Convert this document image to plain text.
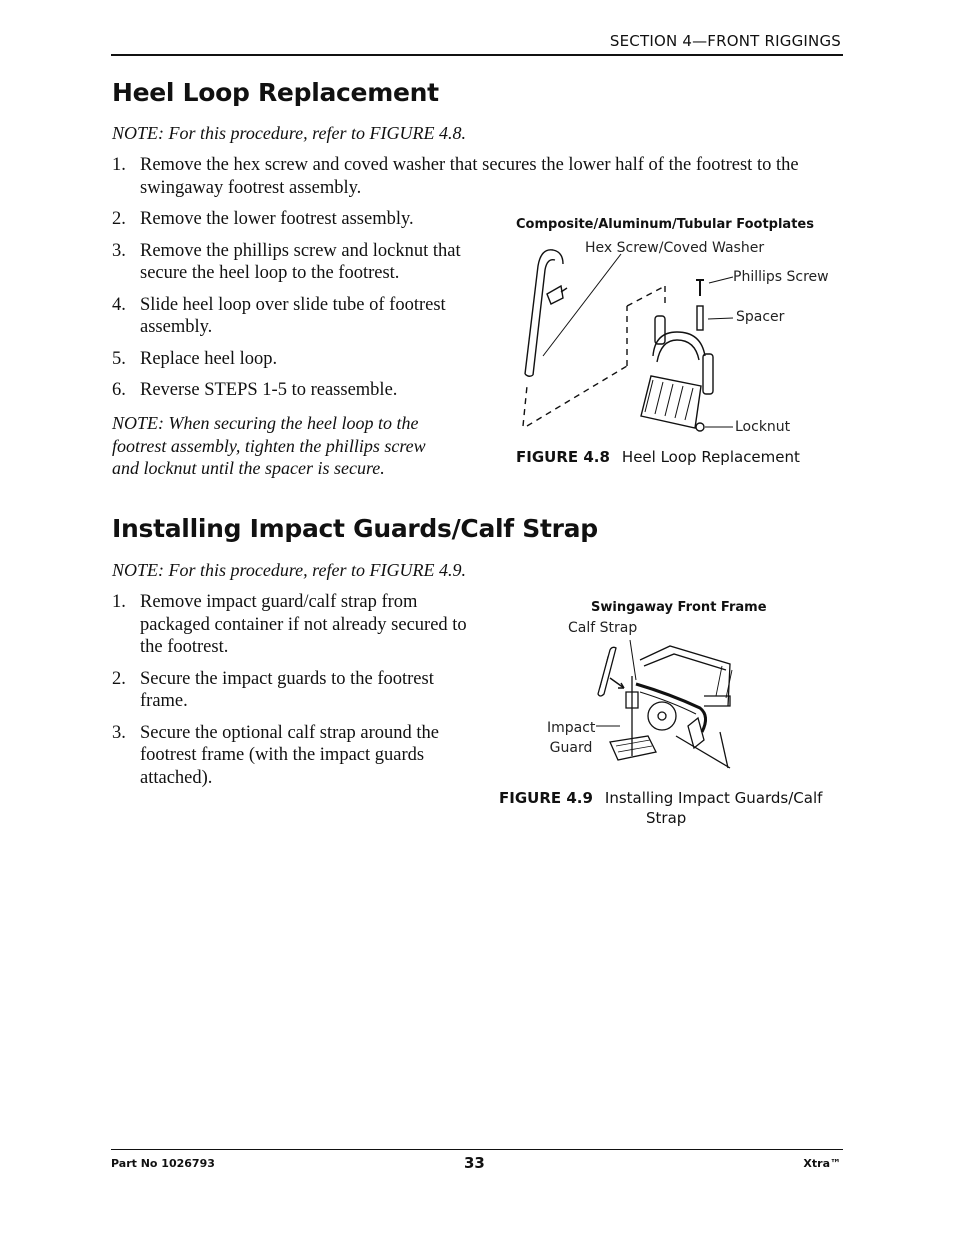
SECTION 4—FRONT RIGGINGS
Heel Loop Replacement
NOTE: For this procedure, refer to FIGURE 4.8.
1. Remove the hex screw and coved washer that secures the lower half of the footrest to the swingaway footrest assembly.
2. Remove the lower footrest assembly.
3. Remove the phillips screw and locknut that secure the heel loop to the footrest.
4. Slide heel loop over slide tube of footrest assembly.
5. Replace heel loop.
6. Reverse STEPS 1-5 to reassemble.
NOTE: When securing the heel loop to the footrest assembly, tighten the phillips screw and locknut until the spacer is secure.
Composite/Aluminum/Tubular Footplates
Hex Screw/Coved Washer
Phillips Screw
Spacer
Locknut
FIGURE 4.8 Heel Loop Replacement
Installing Impact Guards/Calf Strap
NOTE: For this procedure, refer to FIGURE 4.9.
1. Remove impact guard/calf strap from packaged container if not already secured to the footrest.
2. Secure the impact guards to the footrest frame.
3. Secure the optional calf strap around the footrest frame (with the impact guards attached).
Swingaway Front Frame
Calf Strap
Impact
Guard
FIGURE 4.9 Installing Impact Guards/Calf
Strap
Part No 1026793	33	Xtra™
